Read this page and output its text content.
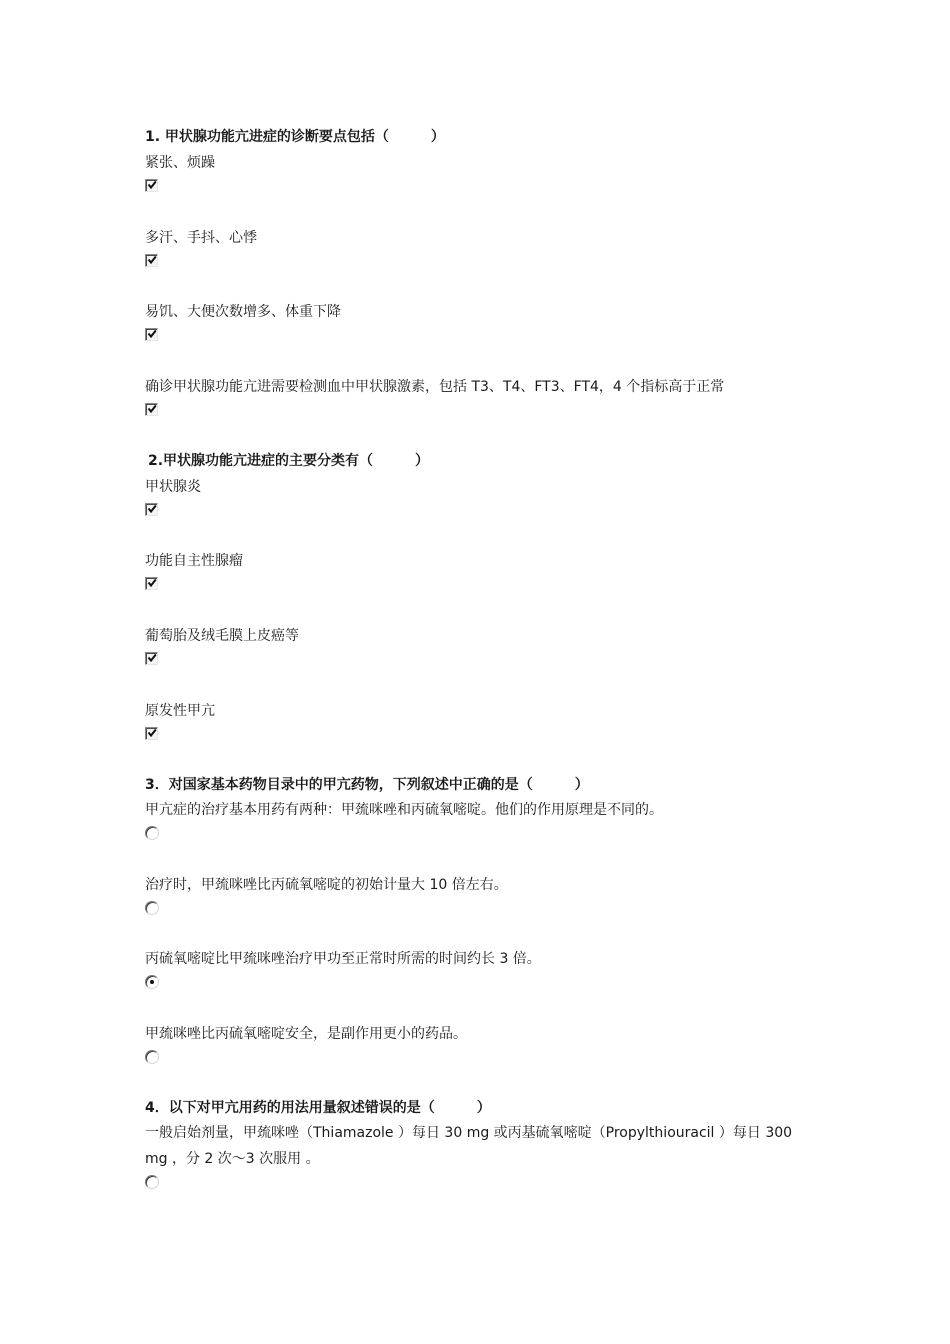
1. 甲状腺功能亢进症的诊断要点包括（　　　）
紧张、烦躁
多汗、手抖、心悸
易饥、大便次数增多、体重下降
确诊甲状腺功能亢进需要检测血中甲状腺激素，包括 T3、T4、FT3、FT4，4 个指标高于正常
2.甲状腺功能亢进症的主要分类有（　　　）
甲状腺炎
功能自主性腺瘤
葡萄胎及绒毛膜上皮癌等
原发性甲亢
3．对国家基本药物目录中的甲亢药物，下列叙述中正确的是（　　　）
甲亢症的治疗基本用药有两种：甲巯咪唑和丙硫氧嘧啶。他们的作用原理是不同的。
治疗时，甲巯咪唑比丙硫氧嘧啶的初始计量大 10 倍左右。
丙硫氧嘧啶比甲巯咪唑治疗甲功至正常时所需的时间约长 3 倍。
甲巯咪唑比丙硫氧嘧啶安全，是副作用更小的药品。
4．以下对甲亢用药的用法用量叙述错误的是（　　　）
一般启始剂量，甲巯咪唑（Thiamazole ）每日 30 mg 或丙基硫氧嘧啶（Propylthiouracil ）每日 300 mg ，分 2 次～3 次服用 。
